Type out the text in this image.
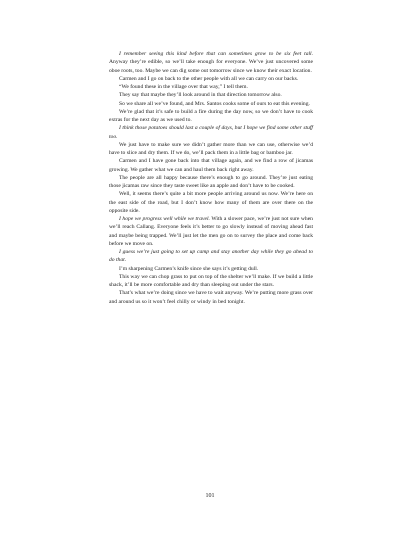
I remember seeing this kind before that can sometimes grow to be six feet tall. Anyway they’re edible, so we’ll take enough for everyone. We’ve just uncovered some oboe roots, too. Maybe we can dig some out tomorrow since we know their exact location.

Carmen and I go on back to the other people with all we can carry on our backs.

“We found these in the village over that way,” I tell them.

They say that maybe they’ll look around in that direction tomorrow also.

So we share all we’ve found, and Mrs. Santos cooks some of ours to eat this evening.

We’re glad that it’s safe to build a fire during the day now, so we don’t have to cook extras for the next day as we used to.

I think those potatoes should last a couple of days, but I hope we find some other stuff too.

We just have to make sure we didn’t gather more than we can use, otherwise we’d have to slice and dry them. If we do, we’ll pack them in a little bag or bamboo jar.

Carmen and I have gone back into that village again, and we find a row of jicamas growing. We gather what we can and haul them back right away.

The people are all happy because there’s enough to go around. They’re just eating those jicamas raw since they taste sweet like an apple and don’t have to be cooked.

Well, it seems there’s quite a bit more people arriving around us now. We’re here on the east side of the road, but I don’t know how many of them are over there on the opposite side.

I hope we progress well while we travel. With a slower pace, we’re just not sure when we’ll reach Callang. Everyone feels it’s better to go slowly instead of moving ahead fast and maybe being trapped. We’ll just let the men go on to survey the place and come back before we move on.

I guess we’re just going to set up camp and stay another day while they go ahead to do that.

I’m sharpening Carmen’s knife since she says it’s getting dull.

This way we can chop grass to put on top of the shelter we’ll make. If we build a little shack, it’ll be more comfortable and dry than sleeping out under the stars.

That’s what we’re doing since we have to wait anyway. We’re putting more grass over and around us so it won’t feel chilly or windy in bed tonight.

101
